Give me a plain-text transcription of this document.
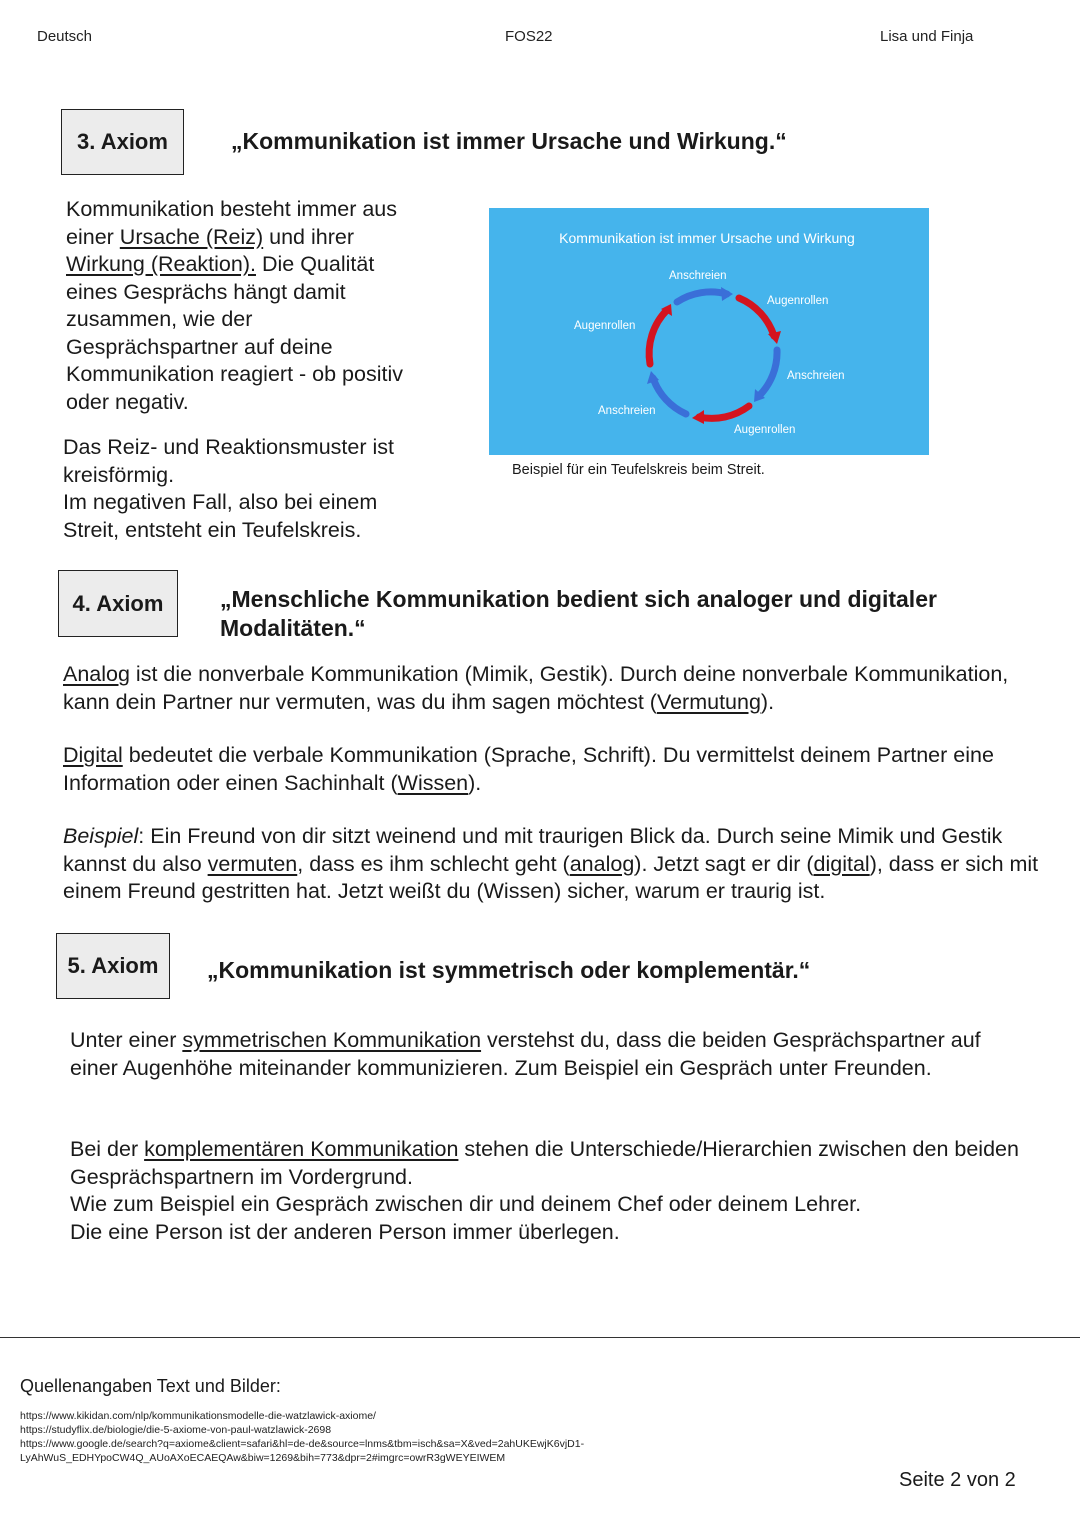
Deutsch	FOS22	Lisa und Finja
3. Axiom	„Kommunikation ist immer Ursache und Wirkung.“
Kommunikation besteht immer aus einer Ursache (Reiz) und ihrer Wirkung (Reaktion). Die Qualität eines Gesprächs hängt damit zusammen, wie der Gesprächspartner auf deine Kommunikation reagiert - ob positiv oder negativ.

Das Reiz- und Reaktionsmuster ist kreisförmig.

Im negativen Fall, also bei einem Streit, entsteht ein Teufelskreis.

Kommunikation ist immer Ursache und Wirkung
Anschreien
Augenrollen
Anschreien
Augenrollen
Anschreien
Augenrollen
Beispiel für ein Teufelskreis beim Streit.
4. Axiom	„Menschliche Kommunikation bedient sich analoger und digitaler Modalitäten.“
Analog ist die nonverbale Kommunikation (Mimik, Gestik). Durch deine nonverbale Kommunikation, kann dein Partner nur vermuten, was du ihm sagen möchtest (Vermutung).
Digital bedeutet die verbale Kommunikation (Sprache, Schrift). Du vermittelst deinem Partner eine Information oder einen Sachinhalt (Wissen).
Beispiel: Ein Freund von dir sitzt weinend und mit traurigen Blick da. Durch seine Mimik und Gestik kannst du also vermuten, dass es ihm schlecht geht (analog). Jetzt sagt er dir (digital), dass er sich mit einem Freund gestritten hat. Jetzt weißt du (Wissen) sicher, warum er traurig ist.
5. Axiom	„Kommunikation ist symmetrisch oder komplementär.“
Unter einer symmetrischen Kommunikation verstehst du, dass die beiden Gesprächspartner auf einer Augenhöhe miteinander kommunizieren. Zum Beispiel ein Gespräch unter Freunden.

Bei der komplementären Kommunikation stehen die Unterschiede/Hierarchien zwischen den beiden Gesprächspartnern im Vordergrund.

Wie zum Beispiel ein Gespräch zwischen dir und deinem Chef oder deinem Lehrer.

Die eine Person ist der anderen Person immer überlegen.

Quellenangaben Text und Bilder:
https://www.kikidan.com/nlp/kommunikationsmodelle-die-watzlawick-axiome/
https://studyflix.de/biologie/die-5-axiome-von-paul-watzlawick-2698
https://www.google.de/search?q=axiome&client=safari&hl=de-de&source=lnms&tbm=isch&sa=X&ved=2ahUKEwjK6vjD1-
LyAhWuS_EDHYpoCW4Q_AUoAXoECAEQAw&biw=1269&bih=773&dpr=2#imgrc=owrR3gWEYEIWEM
Seite 2 von 2
